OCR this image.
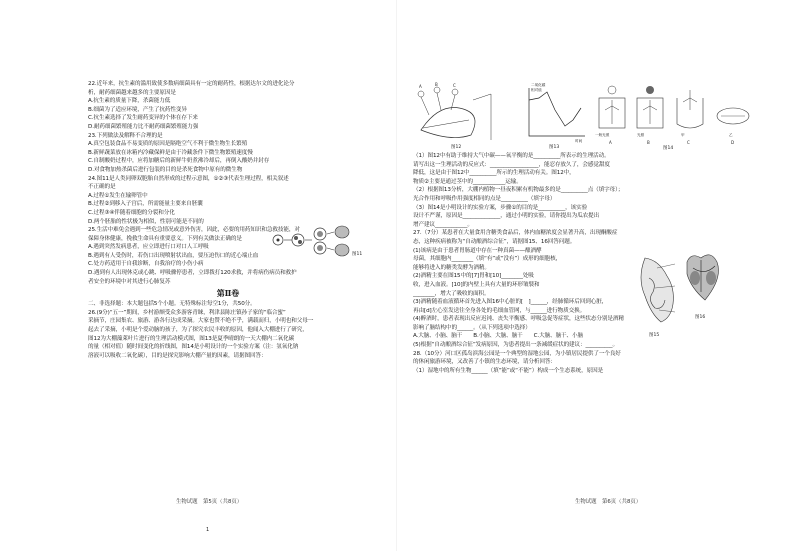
22.近年来，抗生素的滥用致使多数病细菌具有一定的耐药性，根据达尔文的进化论分
析，耐药细菌越来越多的主要原因是
A.抗生素的质量下降，杀菌能力低
B.细菌为了适应环境，产生了抗药性变异
C.抗生素选择了发生耐药变异的个体在存下来
D.耐药细菌繁殖能力比不耐药细菌繁殖能力强
23.下列做法及解释不合理的是
A.真空包装食品不易变质的原因是隔绝空气不利于微生物生长繁殖
B.新鲜蔬菜放在冰箱内冷藏保鲜是由于冷藏条件下微生物繁殖速度慢
C.自制酸奶过程中，应将加糖后的新鲜牛奶煮沸冷却后，再倒入酸奶并封存
D.对食物加热杀菌后进行包装的目的是杀死食物中原有的微生物
24.图11是人类同卵双胞胎自然形成的过程示意图，①②③代表生理过程，相关叙述
不正确的是
A.过程①发生在输卵管中
B.过程②到移入子宫后，所需能量主要来自胚囊
C.过程③④伴随着细胞的分裂和分化
D.两个胚胎的性状极为相似，性别可能是不同的
25.生活中难免会遇到一些危急情况或意外伤害，因此，必要的用药知识和急救技能，对
保障身体健康，挽救生命具有重要意义。下列有关做法正确的是
A.遇到突然发病患者，应立即进行口对口人工呼吸
B.遇到有人受伤时，若伤口出现喷射状出血，要压迫伤口的近心端止血
C.处方药适用于自我诊断，自我治疗的小伤小病
D.遇到有人出现休克或心跳、呼吸骤停患者，立即拨打120求救，并将病伤病员和救护
者安全的环境中对其进行心肺复苏
第Ⅱ卷
二、非选择题：本大题包括5个小题。无特殊标注每空1分，共50分。
26.(9分)“五一”期间，乡村游颇受众多游客青睐，利津县陈庄镇孙子家的“临合蜜”
采摘节，庄园集农、旅游、游各行达成采摘。大家也赞不绝不乎，满载而归，小明也和父母一
起去了采摘，小明是个爱动脑的孩子，为了探究农民丰收的原因，他闻入大棚进行了研究，
图12为大棚藻萊叶片进行的生理活动模式图，图13是夏季晴朗的一天大棚内二氧化碳
的量（相对值）随时间变化的折线图，图14是小明设计的一个实验方案（注：氢氧化钠
溶液可以吸收二氧化碳），目的是探究影响大棚产量的因素，请据图回答：
图11
生物试题　第5页（共8页）
1
A	B	C
图12
二氧化碳
相对值
时间
图13
一般光照
A
光照
B
甲
C
乙
D
图14
（1）图12中有助于维持大气中碳——氧平衡的是__________所表示的生理活动。
请写出这一生理活动的反应式：__________________，能忍存放久了，会感觉甜度
降低，这是由于图12中__________所示的生理活动有关。图12中，
物质②主要是通过茎中的____________运输。
（2）根据图13分析，大棚内植物一昼夜积累有机物最多的是__________点（填字母）；
光合作用和呼吸作用强度相同的点是__________（填字母）
（3）图14是小明设计的实验方案，步骤①的目的是__________，该实验
设计不严谨，原因是______________，通过小明的实验，请你提出为瓜农提出
增产建议____________。
27.（7分）某患者在大量食用含糖类食品后，体内血糖浓度会显著升高，出现酮酸症
态，这种疾病被称为“自动酿酒综合征”，请据图15、16回答问题。
(1)该病是由于患者胃肠道中存在一种真菌——酿酒酵
母菌，其细胞内________（填“有”或“没有”）成形的细胞核，
能够将进入的糖类发酵为酒精。
(2)酒精主要在图15中的[7]胃和[10]________处吸
收，进入血液。[10]的内壁上具有大量的环形皱襞和
________，增大了吸收的面积。
(3)酒精随着血液循环首先进入图16中心脏的[　]______，经肺循环后回到心脏，
再由[d]左心室发送往全身各处的毛细血管网，与______进行物质交换。
(4)醉酒时，患者表现出反应迟钝、丧失平衡感、呼吸急促等症状，这些状态分别是酒精
影响了脑结构中的______。（从下列选项中选择）
A.大脑、小脑、脑干　　B.小脑、大脑、脑干　　C.大脑、脑干、小脑
(5)根据“自动酿酒综合征”发病原因，为患者提出一条减缓症状的建议：__________。
28.（10分）河口区孤岛滨海公园是一个典型的湿地公园，为小镇居民提供了一个良好
的休闲旅游环境，又改善了小镇的生态环境，请分析回答：
（1）湿地中的所有生物______（填“能”或“不能”）构成一个生态系统，原因是
图15
图16
生物试题　第6页（共8页）
